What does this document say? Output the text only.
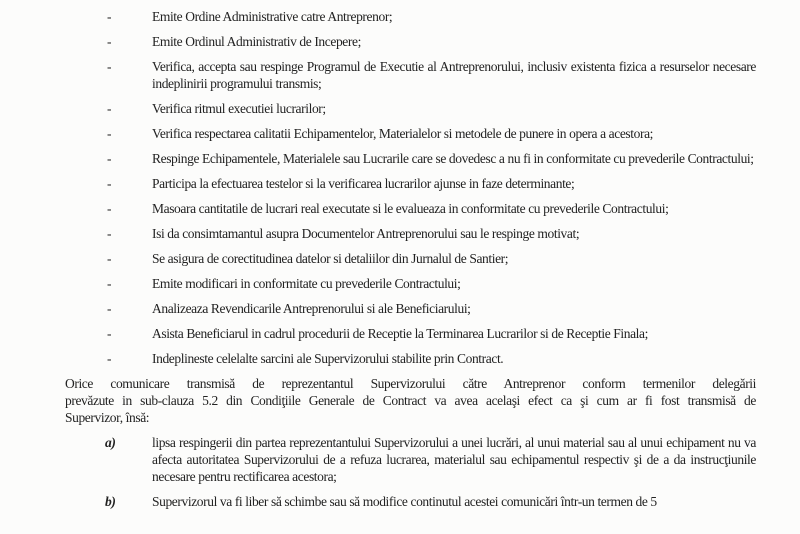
-	Emite Ordine Administrative catre Antreprenor;
-	Emite Ordinul Administrativ de Incepere;
-	Verifica, accepta sau respinge Programul de Executie al Antreprenorului, inclusiv existenta fizica a resurselor necesare indeplinirii programului transmis;
-	Verifica ritmul executiei lucrarilor;
-	Verifica respectarea calitatii Echipamentelor, Materialelor si metodele de punere in opera a acestora;
-	Respinge Echipamentele, Materialele sau Lucrarile care se dovedesc a nu fi in conformitate cu prevederile Contractului;
-	Participa la efectuarea testelor si la verificarea lucrarilor ajunse in faze determinante;
-	Masoara cantitatile de lucrari real executate si le evalueaza in conformitate cu prevederile Contractului;
-	Isi da consimtamantul asupra Documentelor Antreprenorului sau le respinge motivat;
-	Se asigura de corectitudinea datelor si detaliilor din Jurnalul de Santier;
-	Emite modificari in conformitate cu prevederile Contractului;
-	Analizeaza Revendicarile Antreprenorului si ale Beneficiarului;
-	Asista Beneficiarul in cadrul procedurii de Receptie la Terminarea Lucrarilor si de Receptie Finala;
-	Indeplineste celelalte sarcini ale Supervizorului stabilite prin Contract.
Orice comunicare transmisă de reprezentantul Supervizorului către Antreprenor conform termenilor delegării
prevăzute in sub-clauza 5.2 din Condiţiile Generale de Contract va avea acelaşi efect ca şi cum ar fi fost transmisă de
Supervizor, însă:
a)	lipsa respingerii din partea reprezentantului Supervizorului a unei lucrări, al unui material sau al unui echipament nu va afecta autoritatea Supervizorului de a refuza lucrarea, materialul sau echipamentul respectiv şi de a da instrucţiunile necesare pentru rectificarea acestora;
b)	Supervizorul va fi liber să schimbe sau să modifice continutul acestei comunicări într-un termen de 5
